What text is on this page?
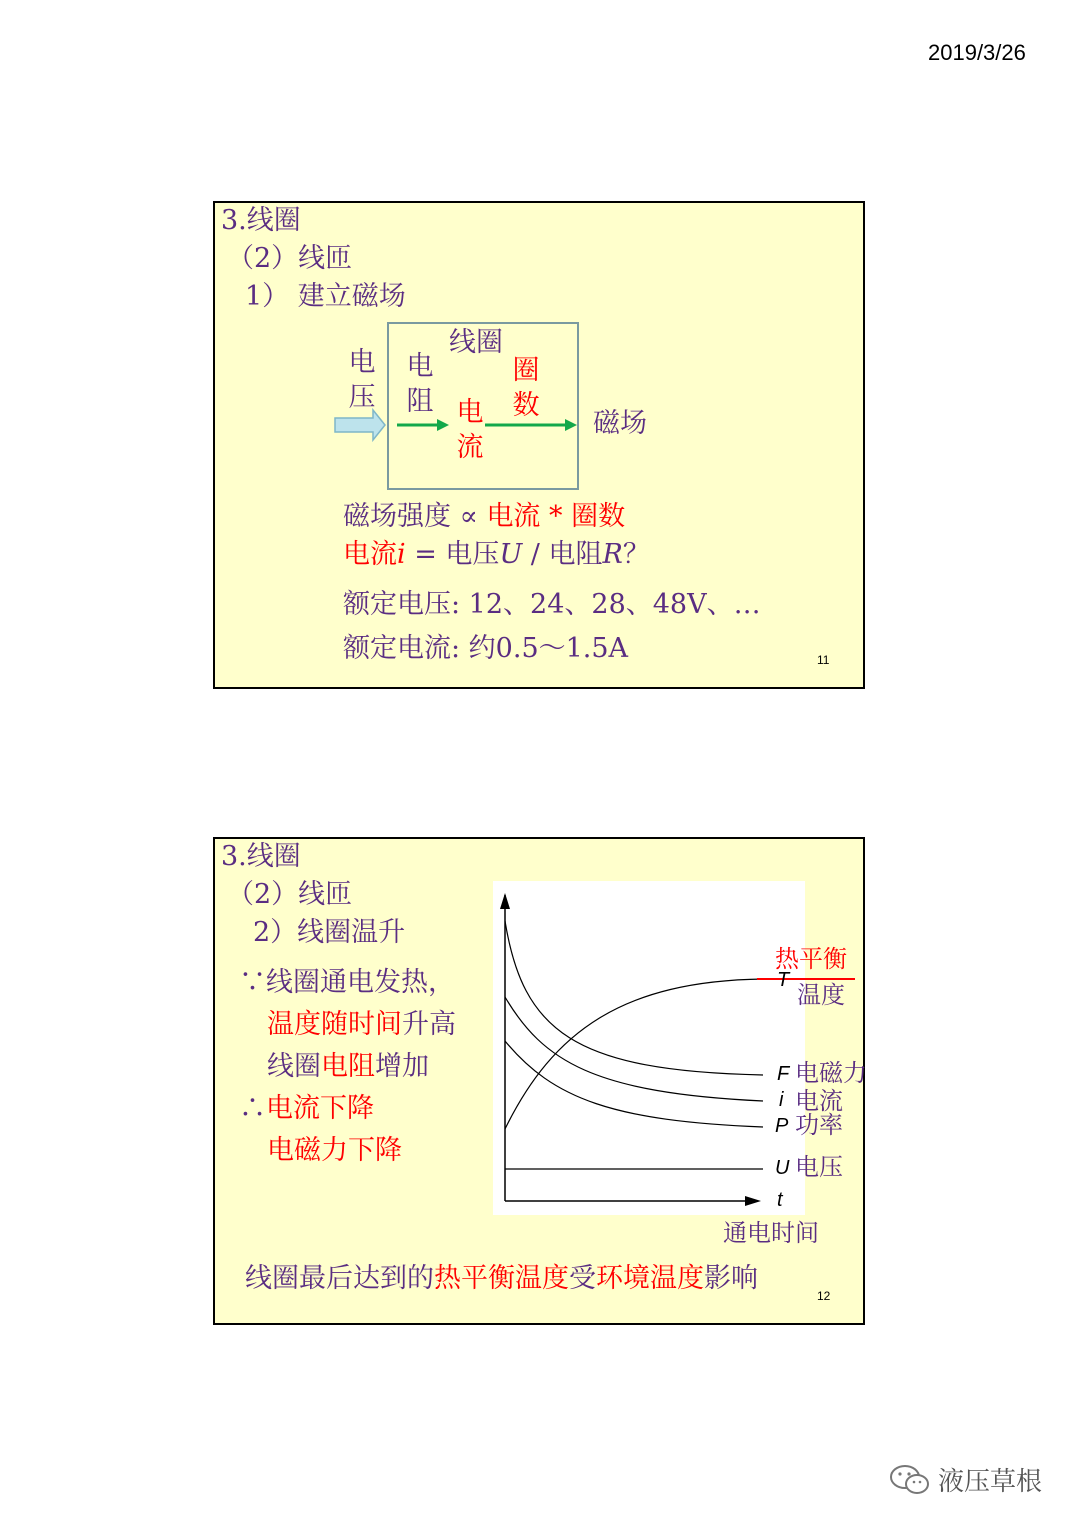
2019/3/26
3.线圈
（2）线匝
1） 建立磁场
电
压
电
阻
线圈
圈
数
电
流
磁场
磁场强度 ∝ 电流 * 圈数
电流i = 电压U / 电阻R？
额定电压: 12、24、28、48V、…
额定电流: 约0.5～1.5A	11
3.线圈
（2）线匝
2）线圈温升
∵线圈通电发热，
温度随时间升高
线圈电阻增加
∴电流下降
电磁力下降
热平衡
T
温度
F 电磁力
i 电流
P 功率
U 电压
t
通电时间
线圈最后达到的热平衡温度受环境温度影响
12
液压草根
